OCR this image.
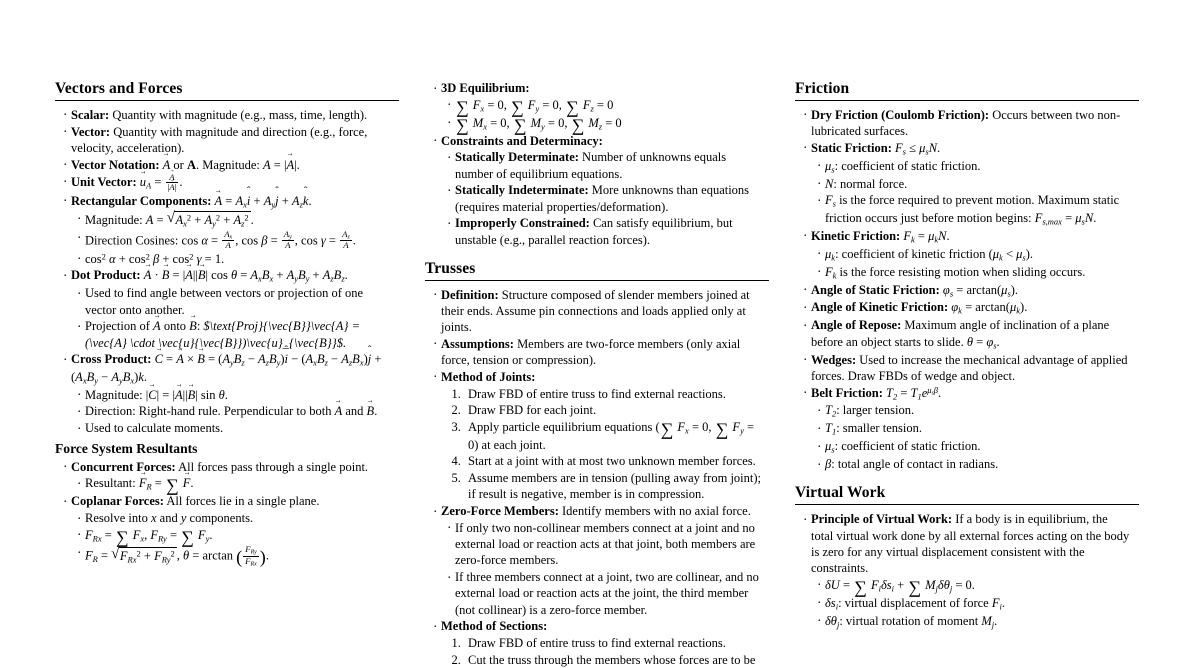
Vectors and Forces
· Scalar: Quantity with magnitude (e.g., mass, time, length).
· Vector: Quantity with magnitude and direction (e.g., force, velocity, acceleration).
· Vector Notation: A → or A. Magnitude: A = |A →|.
· Unit Vector: $u \to_A = \frac{A \to}{|A \to|}$ .
· Rectangular Components: A → = $A_xi$ ˆ + $A_yj$ ˆ + $A_zk$ ˆ.
· Magnitude: A = √ $A_x^2 + A_y^2 + A_z^2$ .
· Direction Cosines: $\cos \alpha = \frac{A_x}{A}$ , $\cos \beta = \frac{A_y}{A}$ , $\cos \gamma = \frac{A_z}{A}$ .
· $\cos^2 \alpha + \cos^2 \beta + \cos^2 \gamma = 1$.
· Dot Product: A → · B → = |A →||B →| $\cos \theta = A_xB_x + A_yB_y + A_zB_z$.
· Used to find angle between vectors or projection of one vector onto another.
· Projection of A → onto B →: $\text{Proj}{\vec{B}}\vec{A} = (\vec{A} \cdot \vec{u}{\vec{B}})\vec{u}_{\vec{B}}$.
· Cross Product: C → = A → × B → = $(A_yB_z - A_zB_y)i$ ˆ − $(A_xB_z - A_zB_x)j$ ˆ + $(A_xB_y - A_yB_x)k$ ˆ.
· Magnitude: |C →| = |A →||B →| sin θ.
· Direction: Right-hand rule. Perpendicular to both A → and B →.
· Used to calculate moments.
Force System Resultants
· Concurrent Forces: All forces pass through a single point.
· Resultant: $F \to_R$ = ∑ F →.
· Coplanar Forces: All forces lie in a single plane.
· Resolve into x and y components.
· $F_{Rx}$ = ∑ $F_x$, $F_{Ry}$ = ∑ $F_y$.
· $F_R$ = √ $F_{Rx}^2 + F_{Ry}^2$ , θ = arctan ( $\frac{F_{Ry}}{F_{Rx}}$ ).
· 3D Equilibrium:
· ∑ $F_x = 0$, ∑ $F_y = 0$, ∑ $F_z = 0$
· ∑ $M_x = 0$, ∑ $M_y = 0$, ∑ $M_z = 0$
· Constraints and Determinacy:
· Statically Determinate: Number of unknowns equals number of equilibrium equations.
· Statically Indeterminate: More unknowns than equations (requires material properties/deformation).
· Improperly Constrained: Can satisfy equilibrium, but unstable (e.g., parallel reaction forces).
Trusses
· Definition: Structure composed of slender members joined at their ends. Assume pin connections and loads applied only at joints.
· Assumptions: Members are two-force members (only axial force, tension or compression).
· Method of Joints:
1. Draw FBD of entire truss to find external reactions.
2. Draw FBD for each joint.
3. Apply particle equilibrium equations (∑ $F_x = 0$, ∑ $F_y = 0$) at each joint.
4. Start at a joint with at most two unknown member forces.
5. Assume members are in tension (pulling away from joint); if result is negative, member is in compression.
· Zero-Force Members: Identify members with no axial force.
· If only two non-collinear members connect at a joint and no external load or reaction acts at that joint, both members are zero-force members.
· If three members connect at a joint, two are collinear, and no external load or reaction acts at the joint, the third member (not collinear) is a zero-force member.
· Method of Sections:
1. Draw FBD of entire truss to find external reactions.
2. Cut the truss through the members whose forces are to be
Friction
· Dry Friction (Coulomb Friction): Occurs between two non-lubricated surfaces.
· Static Friction: $F_s \le \mu_sN$.
· $\mu_s$: coefficient of static friction.
· N: normal force.
· $F_s$ is the force required to prevent motion. Maximum static friction occurs just before motion begins: $F_{s,max} = \mu_sN$.
· Kinetic Friction: $F_k = \mu_kN$.
· $\mu_k$: coefficient of kinetic friction $(\mu_k < \mu_s)$.
· $F_k$ is the force resisting motion when sliding occurs.
· Angle of Static Friction: $\varphi_s = \arctan(\mu_s)$.
· Angle of Kinetic Friction: $\varphi_k = \arctan(\mu_k)$.
· Angle of Repose: Maximum angle of inclination of a plane before an object starts to slide. $\theta = \varphi_s$.
· Wedges: Used to increase the mechanical advantage of applied forces. Draw FBDs of wedge and object.
· Belt Friction: $T_2 = T_1e^{\mu_s\beta}$.
· $T_2$: larger tension.
· $T_1$: smaller tension.
· $\mu_s$: coefficient of static friction.
· β: total angle of contact in radians.
Virtual Work
· Principle of Virtual Work: If a body is in equilibrium, the total virtual work done by all external forces acting on the body is zero for any virtual displacement consistent with the constraints.
· δU = ∑ $F_i\delta s_i$ + ∑ $M_j\delta\theta_j = 0$.
· $\delta s_i$: virtual displacement of force $F_i$.
· $\delta\theta_j$: virtual rotation of moment $M_j$.
